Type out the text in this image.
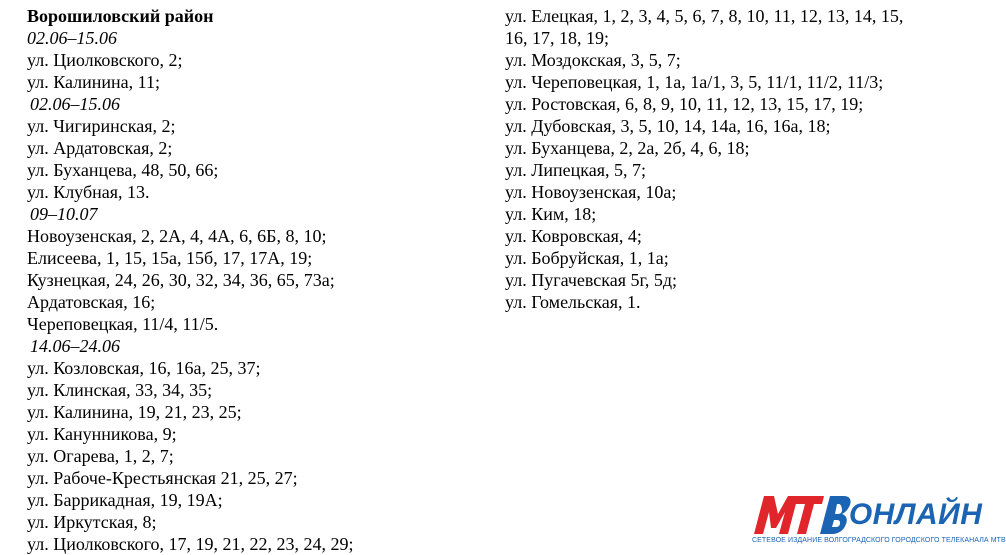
Ворошиловский район
02.06–15.06
ул. Циолковского, 2;
ул. Калинина, 11;
02.06–15.06
ул. Чигиринская, 2;
ул. Ардатовская, 2;
ул. Буханцева, 48, 50, 66;
ул. Клубная, 13.
09–10.07
Новоузенская, 2, 2А, 4, 4А, 6, 6Б, 8, 10;
Елисеева, 1, 15, 15а, 15б, 17, 17А, 19;
Кузнецкая, 24, 26, 30, 32, 34, 36, 65, 73а;
Ардатовская, 16;
Череповецкая, 11/4, 11/5.
14.06–24.06
ул. Козловская, 16, 16а, 25, 37;
ул. Клинская, 33, 34, 35;
ул. Калинина, 19, 21, 23, 25;
ул. Канунникова, 9;
ул. Огарева, 1, 2, 7;
ул. Рабоче-Крестьянская 21, 25, 27;
ул. Баррикадная, 19, 19А;
ул. Иркутская, 8;
ул. Циолковского, 17, 19, 21, 22, 23, 24, 29;
ул. Елецкая, 1, 2, 3, 4, 5, 6, 7, 8, 10, 11, 12, 13, 14, 15,
16, 17, 18, 19;
ул. Моздокская, 3, 5, 7;
ул. Череповецкая, 1, 1а, 1а/1, 3, 5, 11/1, 11/2, 11/3;
ул. Ростовская, 6, 8, 9, 10, 11, 12, 13, 15, 17, 19;
ул. Дубовская, 3, 5, 10, 14, 14а, 16, 16а, 18;
ул. Буханцева, 2, 2а, 2б, 4, 6, 18;
ул. Липецкая, 5, 7;
ул. Новоузенская, 10а;
ул. Ким, 18;
ул. Ковровская, 4;
ул. Бобруйская, 1, 1а;
ул. Пугачевская 5г, 5д;
ул. Гомельская, 1.
.ОНЛАЙН
СЕТЕВОЕ ИЗДАНИЕ ВОЛГОГРАДСКОГО ГОРОДСКОГО ТЕЛЕКАНАЛА МТВ
